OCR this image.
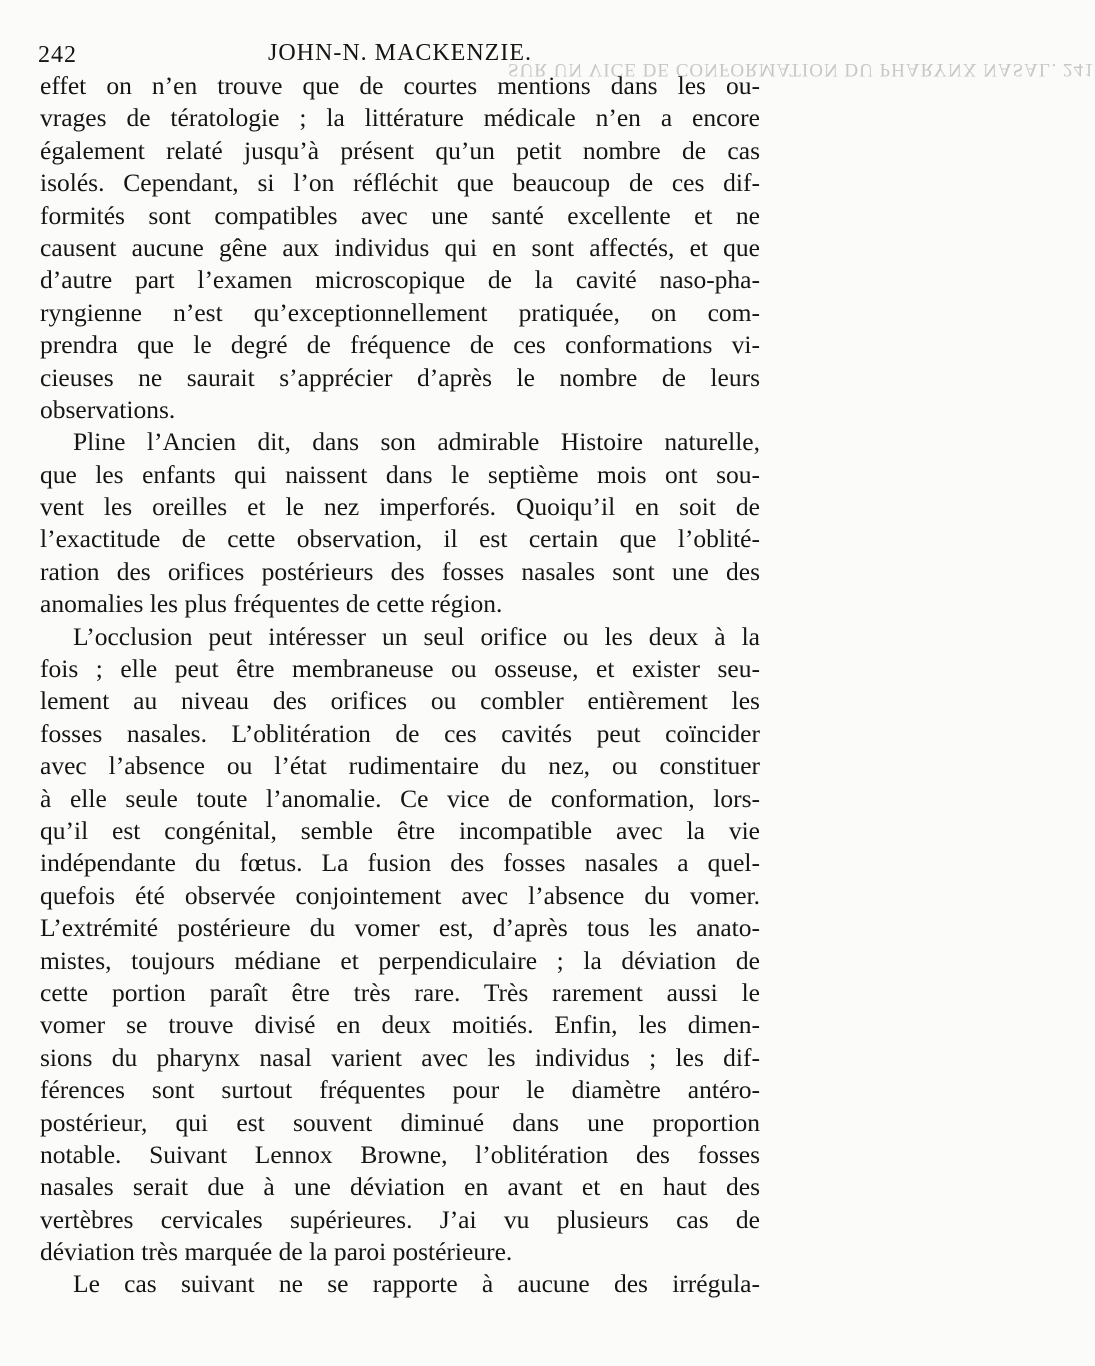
242	JOHN-N. MACKENZIE.
SUR UN VICE DE CONFORMATION DU PHARYNX NASAL. 241
effet on n’en trouve que de courtes mentions dans les ou-
vrages de tératologie ; la littérature médicale n’en a encore
également relaté jusqu’à présent qu’un petit nombre de cas
isolés. Cependant, si l’on réfléchit que beaucoup de ces dif-
formités sont compatibles avec une santé excellente et ne
causent aucune gêne aux individus qui en sont affectés, et que
d’autre part l’examen microscopique de la cavité naso-pha-
ryngienne n’est qu’exceptionnellement pratiquée, on com-
prendra que le degré de fréquence de ces conformations vi-
cieuses ne saurait s’apprécier d’après le nombre de leurs
observations.
Pline l’Ancien dit, dans son admirable Histoire naturelle,
que les enfants qui naissent dans le septième mois ont sou-
vent les oreilles et le nez imperforés. Quoiqu’il en soit de
l’exactitude de cette observation, il est certain que l’oblité-
ration des orifices postérieurs des fosses nasales sont une des
anomalies les plus fréquentes de cette région.
L’occlusion peut intéresser un seul orifice ou les deux à la
fois ; elle peut être membraneuse ou osseuse, et exister seu-
lement au niveau des orifices ou combler entièrement les
fosses nasales. L’oblitération de ces cavités peut coïncider
avec l’absence ou l’état rudimentaire du nez, ou constituer
à elle seule toute l’anomalie. Ce vice de conformation, lors-
qu’il est congénital, semble être incompatible avec la vie
indépendante du fœtus. La fusion des fosses nasales a quel-
quefois été observée conjointement avec l’absence du vomer.
L’extrémité postérieure du vomer est, d’après tous les anato-
mistes, toujours médiane et perpendiculaire ; la déviation de
cette portion paraît être très rare. Très rarement aussi le
vomer se trouve divisé en deux moitiés. Enfin, les dimen-
sions du pharynx nasal varient avec les individus ; les dif-
férences sont surtout fréquentes pour le diamètre antéro-
postérieur, qui est souvent diminué dans une proportion
notable. Suivant Lennox Browne, l’oblitération des fosses
nasales serait due à une déviation en avant et en haut des
vertèbres cervicales supérieures. J’ai vu plusieurs cas de
déviation très marquée de la paroi postérieure.
Le cas suivant ne se rapporte à aucune des irrégula-
